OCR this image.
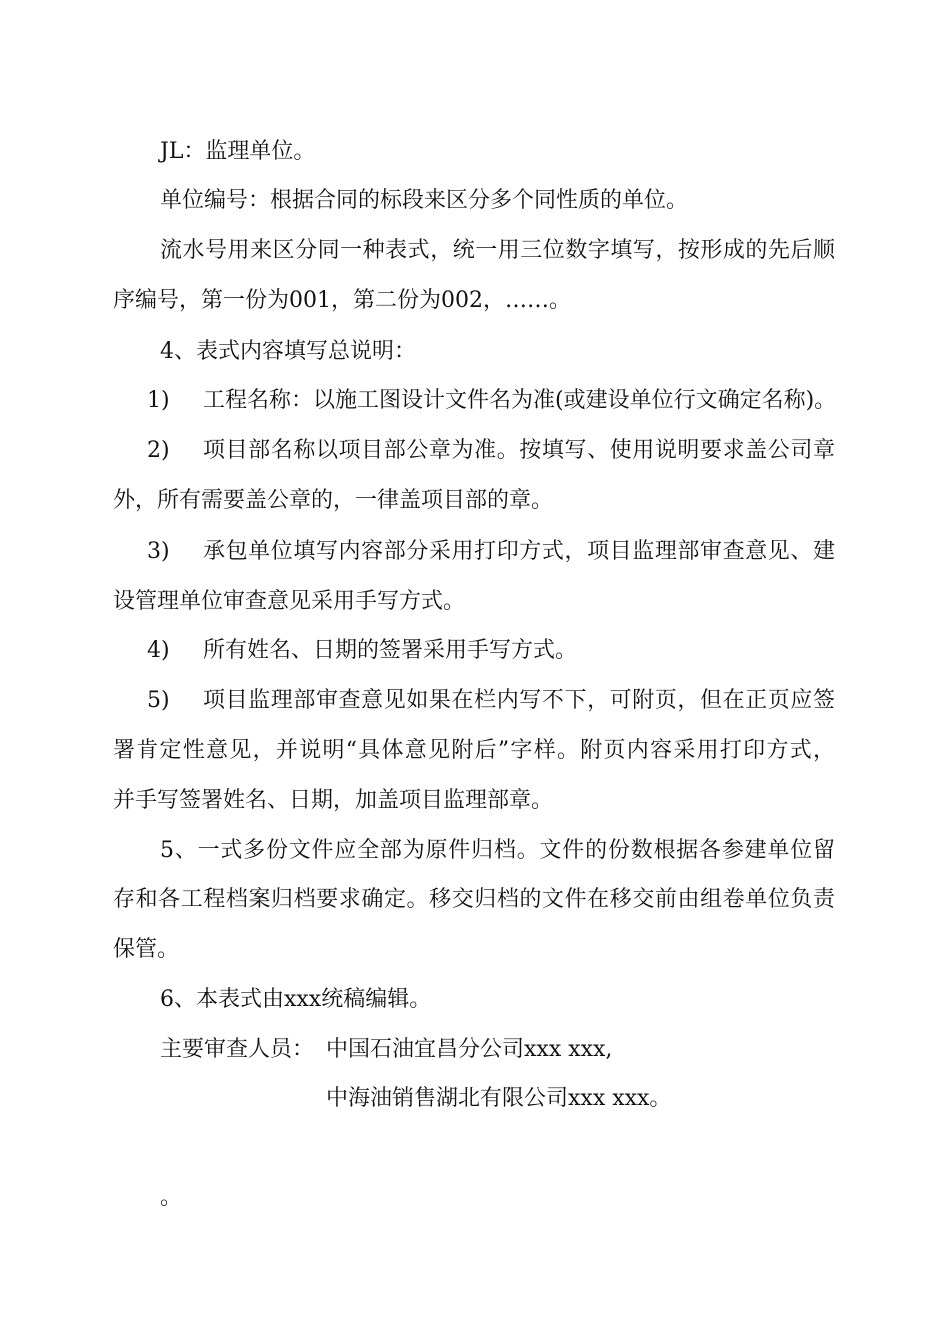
JL：监理单位。
单位编号：根据合同的标段来区分多个同性质的单位。
流水号用来区分同一种表式，统一用三位数字填写，按形成的先后顺
序编号，第一份为001，第二份为002，……。
4、表式内容填写总说明：
1) 工程名称：以施工图设计文件名为准(或建设单位行文确定名称)。
2) 项目部名称以项目部公章为准。按填写、使用说明要求盖公司章
外，所有需要盖公章的，一律盖项目部的章。
3) 承包单位填写内容部分采用打印方式，项目监理部审查意见、建
设管理单位审查意见采用手写方式。
4) 所有姓名、日期的签署采用手写方式。
5) 项目监理部审查意见如果在栏内写不下，可附页，但在正页应签
署肯定性意见，并说明“具体意见附后”字样。附页内容采用打印方式，
并手写签署姓名、日期，加盖项目监理部章。
5、一式多份文件应全部为原件归档。文件的份数根据各参建单位留
存和各工程档案归档要求确定。移交归档的文件在移交前由组卷单位负责
保管。
6、本表式由xxx统稿编辑。
主要审查人员： 中国石油宜昌分公司xxx xxx,
中海油销售湖北有限公司xxx xxx。
。
